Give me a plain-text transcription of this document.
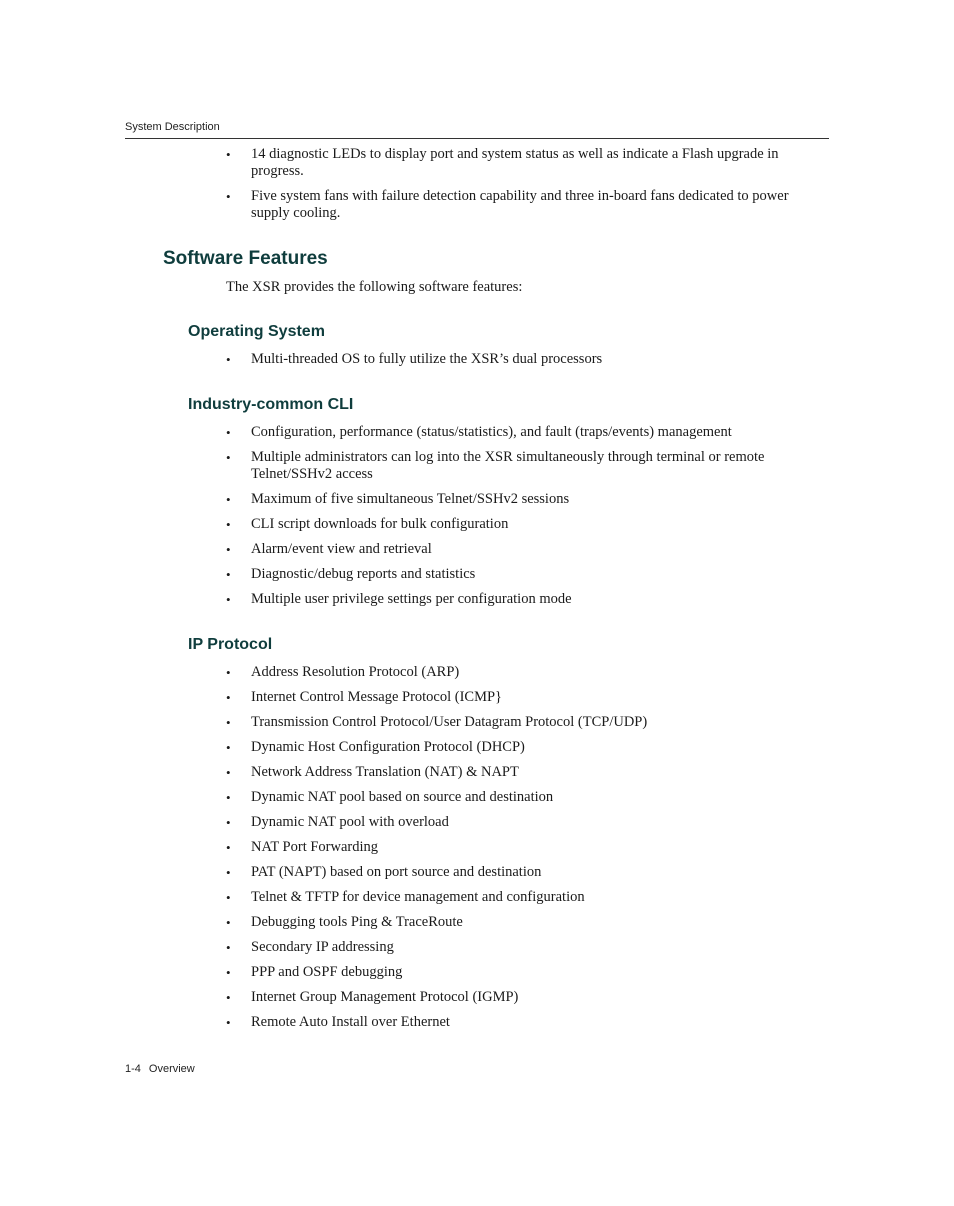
System Description
• 14 diagnostic LEDs to display port and system status as well as indicate a Flash upgrade in progress.
• Five system fans with failure detection capability and three in-board fans dedicated to power supply cooling.
Software Features

The XSR provides the following software features:

Operating System
• Multi-threaded OS to fully utilize the XSR’s dual processors
Industry-common CLI
• Configuration, performance (status/statistics), and fault (traps/events) management
• Multiple administrators can log into the XSR simultaneously through terminal or remote Telnet/SSHv2 access
• Maximum of five simultaneous Telnet/SSHv2 sessions
• CLI script downloads for bulk configuration
• Alarm/event view and retrieval
• Diagnostic/debug reports and statistics
• Multiple user privilege settings per configuration mode
IP Protocol
• Address Resolution Protocol (ARP)
• Internet Control Message Protocol (ICMP}
• Transmission Control Protocol/User Datagram Protocol (TCP/UDP)
• Dynamic Host Configuration Protocol (DHCP)
• Network Address Translation (NAT) & NAPT
• Dynamic NAT pool based on source and destination
• Dynamic NAT pool with overload
• NAT Port Forwarding
• PAT (NAPT) based on port source and destination
• Telnet & TFTP for device management and configuration
• Debugging tools Ping & TraceRoute
• Secondary IP addressing
• PPP and OSPF debugging
• Internet Group Management Protocol (IGMP)
• Remote Auto Install over Ethernet
1-4 Overview
